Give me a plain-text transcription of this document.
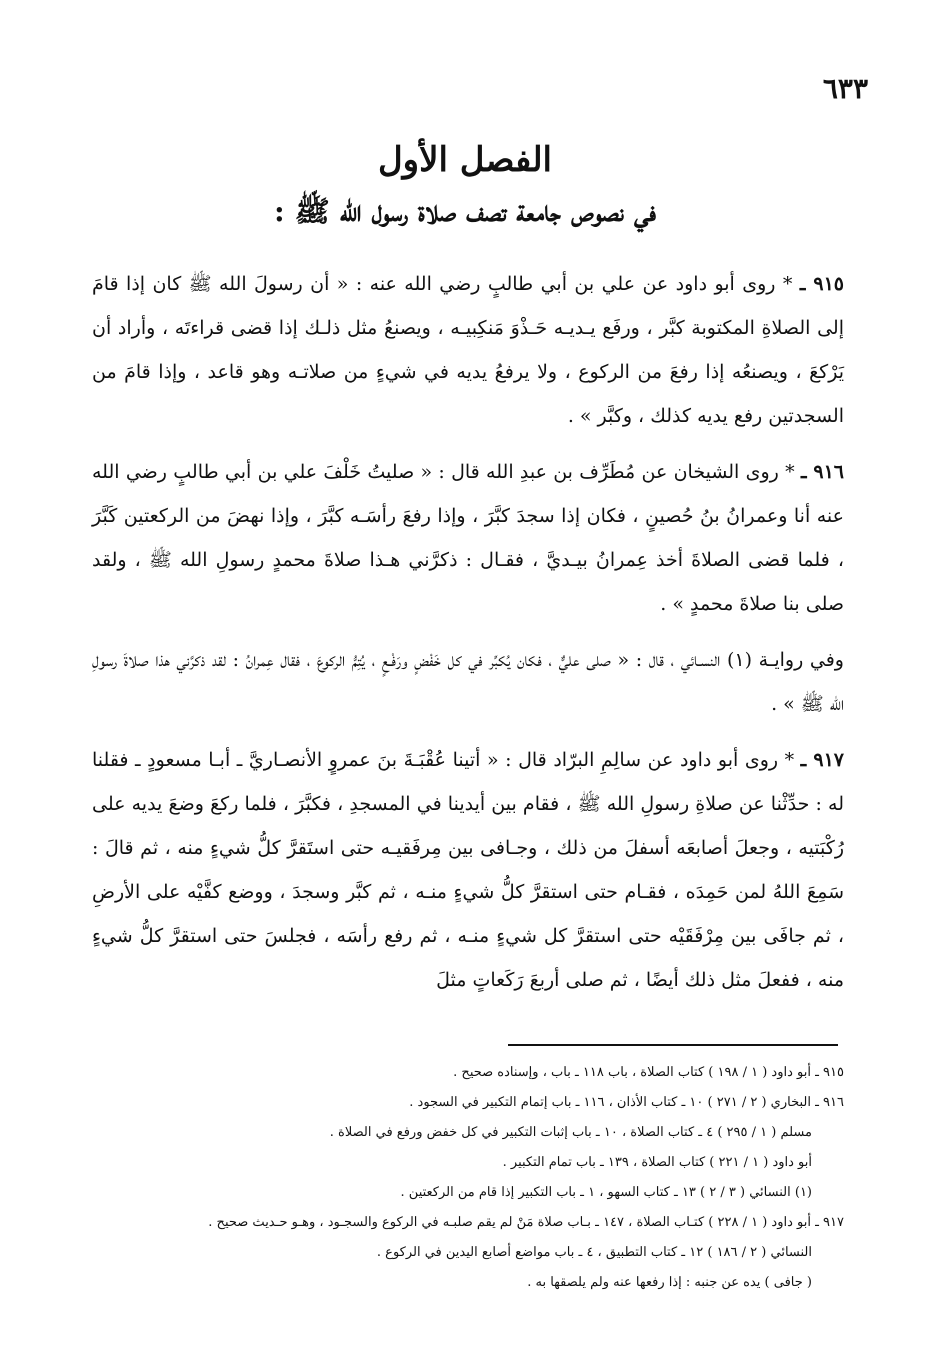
٦٣٣
الفصل الأول
في نصوص جامعة تصف صلاة رسول الله ﷺ :

٩١٥ ـ * روى أبو داود عن علي بن أبي طالبٍ رضي الله عنه : « أن رسولَ الله ﷺ كان إذا قامَ إلى الصلاةِ المكتوبة كبَّر ، ورفَع يـديـه حَـذْوَ مَنكِبيـه ، ويصنعُ مثل ذلـك إذا قضى قراءتَه ، وأراد أن يَرْكعَ ، ويصنعُه إذا رفعَ من الركوع ، ولا يرفعُ يديه في شيءٍ من صلاتـه وهو قاعد ، وإذا قامَ من السجدتين رفع يديه كذلك ، وكبَّر » .

٩١٦ ـ * روى الشيخان عن مُطَرِّف بن عبدِ الله قال : « صليتُ خَلْفَ علي بن أبي طالبٍ رضي الله عنه أنا وعمرانُ بنُ حُصينٍ ، فكان إذا سجدَ كبَّرَ ، وإذا رفعَ رأسَـه كبَّرَ ، وإذا نهضَ من الركعتين كَبَّرَ ، فلما قضى الصلاةَ أخذ عِمرانُ بيـديَّ ، فقـال : ذكرَّني هـذا صلاةَ محمدٍ رسولِ الله ﷺ ، ولقد صلى بنا صلاةَ محمدٍ » .

وفي روايـة (١) النسـائي ، قال : « صلى عليٌّ ، فكان يُكبِّر في كل خَفْضٍ ورَفْـعٍ ، يُتِمُّ الركوعَ ، فقال عِمرانُ : لقد ذكرَّني هذا صلاةَ رسولِ الله ﷺ » .

٩١٧ ـ * روى أبو داود عن سالِمِ البرّاد قال : « أتينا عُقْبَـةَ بنَ عمروٍ الأنصـاريَّ ـ أبـا مسعودٍ ـ فقلنا له : حدِّثْنا عن صلاةِ رسولِ الله ﷺ ، فقام بين أيدينا في المسجدِ ، فكبَّرَ ، فلما ركعَ وضعَ يديه على رُكْبَتيه ، وجعلَ أصابعَه أسفلَ من ذلك ، وجـافى بين مِرفَقيـه حتى استَقرَّ كلُّ شيءٍ منه ، ثم قالَ : سَمِعَ اللهُ لمن حَمِدَه ، فقـام حتى استقرَّ كلُّ شيءٍ منـه ، ثم كبَّر وسجدَ ، ووضع كفَّيْه على الأرضِ ، ثم جافَى بين مِرْفَقَيْه حتى استقرَّ كل شيءٍ منـه ، ثم رفع رأسَه ، فجلسَ حتى استقرَّ كلُّ شيءٍ منه ، ففعلَ مثل ذلك أيضًا ، ثم صلى أربعَ رَكَعاتٍ مثلَ

٩١٥ ـ أبو داود ( ١ / ١٩٨ ) كتاب الصلاة ، باب ١١٨ ـ باب ، وإسناده صحيح .

٩١٦ ـ البخاري ( ٢ / ٢٧١ ) ١٠ ـ كتاب الأذان ، ١١٦ ـ باب إتمام التكبير في السجود .

مسلم ( ١ / ٢٩٥ ) ٤ ـ كتاب الصلاة ، ١٠ ـ باب إثبات التكبير في كل خفض ورفع في الصلاة .

أبو داود ( ١ / ٢٢١ ) كتاب الصلاة ، ١٣٩ ـ باب تمام التكبير .

(١) النسائي ( ٣ / ٢ ) ١٣ ـ كتاب السهو ، ١ ـ باب التكبير إذا قام من الركعتين .

٩١٧ ـ أبو داود ( ١ / ٢٢٨ ) كتـاب الصلاة ، ١٤٧ ـ بـاب صلاة مَنْ لم يقم صلبـه في الركوع والسجـود ، وهـو حـديث صحيح .

النسائي ( ٢ / ١٨٦ ) ١٢ ـ كتاب التطبيق ، ٤ ـ باب مواضع أصابع اليدين في الركوع .

( جافى ) يده عن جنبه : إذا رفعها عنه ولم يلصقها به .
